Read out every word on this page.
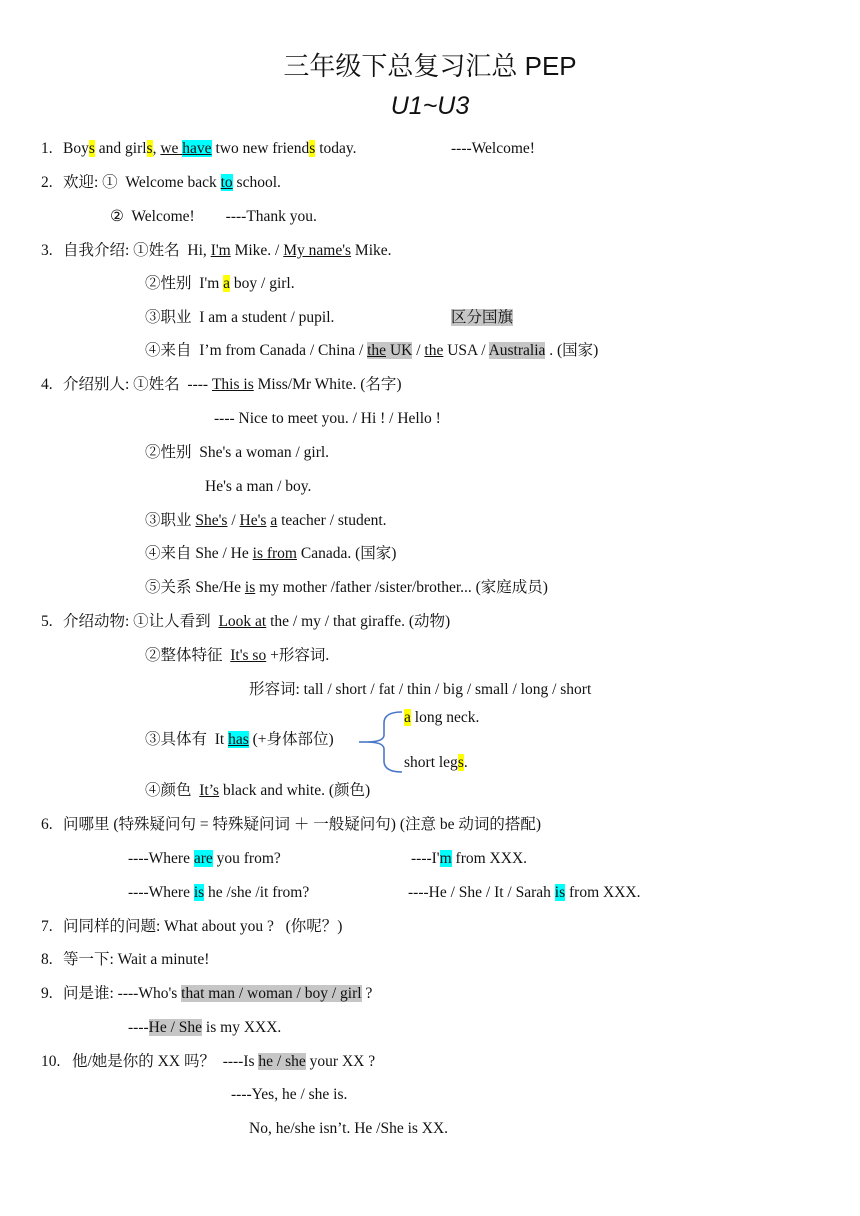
三年级下总复习汇总 PEP
U1~U3
1. Boys and girls, we have two new friends today.	----Welcome!
2. 欢迎: ①  Welcome back to school.
②  Welcome!        ----Thank you.
3. 自我介绍: ①姓名  Hi, I'm Mike. / My name's Mike.
②性别  I'm a boy / girl.
③职业  I am a student / pupil.	区分国旗
④来自  I’m from Canada / China / the UK / the USA / Australia . (国家)
4. 介绍别人: ①姓名  ---- This is Miss/Mr White. (名字)
---- Nice to meet you. / Hi ! / Hello !
②性别  She's a woman / girl.
He's a man / boy.
③职业 She's / He's a teacher / student.
④来自 She / He is from Canada. (国家)
⑤关系 She/He is my mother /father /sister/brother... (家庭成员)
5. 介绍动物: ①让人看到  Look at the / my / that giraffe. (动物)
②整体特征  It's so +形容词.
形容词: tall / short / fat / thin / big / small / long / short
③具体有  It has (+身体部位)
a long neck.
short legs.
④颜色  It’s black and white. (颜色)
6. 问哪里 (特殊疑问句 = 特殊疑问词 ＋ 一般疑问句) (注意 be 动词的搭配)
----Where are you from?	----I'm from XXX.
----Where is he /she /it from?	----He / She / It / Sarah is from XXX.
7. 问同样的问题: What about you ?   (你呢？)
8. 等一下: Wait a minute!
9. 问是谁: ----Who's that man / woman / boy / girl ?
----He / She is my XXX.
10. 他/她是你的 XX 吗？  ----Is he / she your XX ?
----Yes, he / she is.
No, he/she isn’t. He /She is XX.
